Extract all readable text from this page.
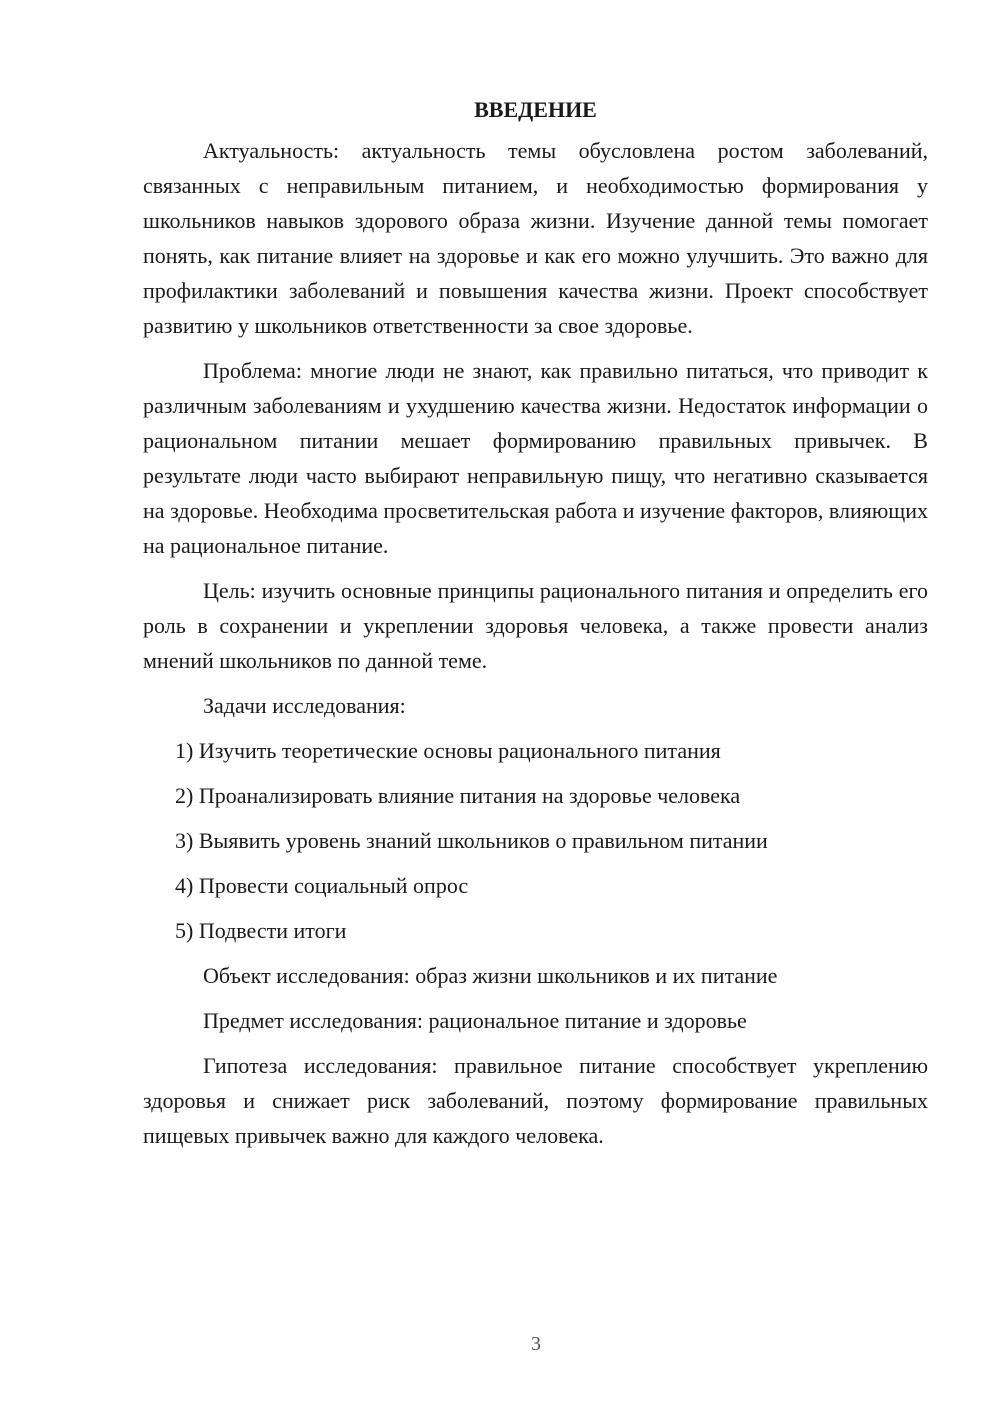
ВВЕДЕНИЕ
Актуальность: актуальность темы обусловлена ростом заболеваний, связанных с неправильным питанием, и необходимостью формирования у школьников навыков здорового образа жизни. Изучение данной темы помогает понять, как питание влияет на здоровье и как его можно улучшить. Это важно для профилактики заболеваний и повышения качества жизни. Проект способствует развитию у школьников ответственности за свое здоровье.
Проблема: многие люди не знают, как правильно питаться, что приводит к различным заболеваниям и ухудшению качества жизни. Недостаток информации о рациональном питании мешает формированию правильных привычек. В результате люди часто выбирают неправильную пищу, что негативно сказывается на здоровье. Необходима просветительская работа и изучение факторов, влияющих на рациональное питание.
Цель: изучить основные принципы рационального питания и определить его роль в сохранении и укреплении здоровья человека, а также провести анализ мнений школьников по данной теме.
Задачи исследования:
1) Изучить теоретические основы рационального питания
2) Проанализировать влияние питания на здоровье человека
3) Выявить уровень знаний школьников о правильном питании
4) Провести социальный опрос
5) Подвести итоги
Объект исследования: образ жизни школьников и их питание
Предмет исследования: рациональное питание и здоровье
Гипотеза исследования: правильное питание способствует укреплению здоровья и снижает риск заболеваний, поэтому формирование правильных пищевых привычек важно для каждого человека.
3
